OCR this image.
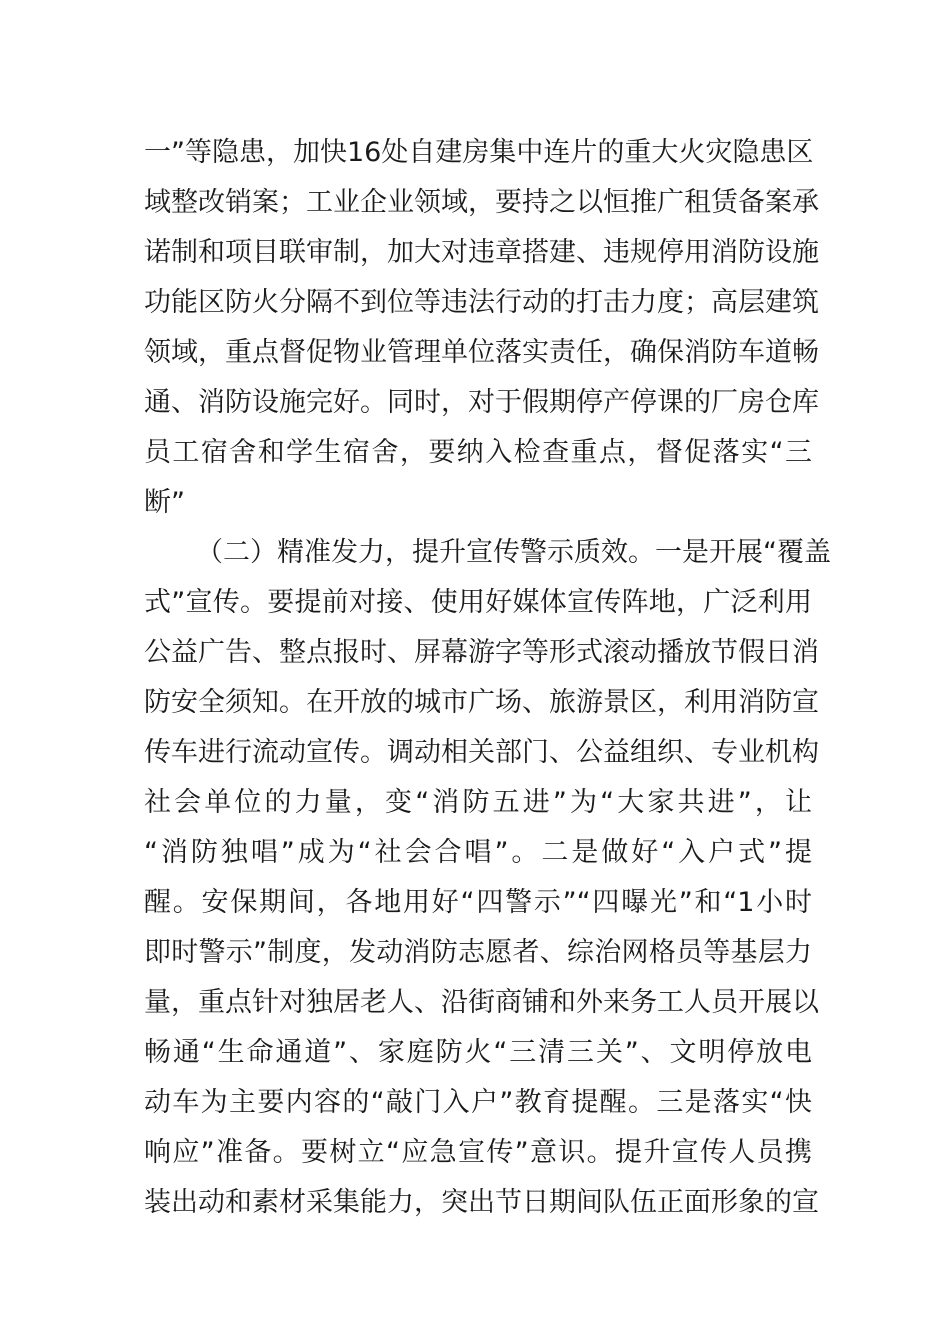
一”等隐患，加快16处自建房集中连片的重大火灾隐患区
域整改销案；工业企业领域，要持之以恒推广租赁备案承
诺制和项目联审制，加大对违章搭建、违规停用消防设施
功能区防火分隔不到位等违法行动的打击力度；高层建筑
领域，重点督促物业管理单位落实责任，确保消防车道畅
通、消防设施完好。同时，对于假期停产停课的厂房仓库
员工宿舍和学生宿舍，要纳入检查重点，督促落实“三
断”
（二）精准发力，提升宣传警示质效。一是开展“覆盖
式”宣传。要提前对接、使用好媒体宣传阵地，广泛利用
公益广告、整点报时、屏幕游字等形式滚动播放节假日消
防安全须知。在开放的城市广场、旅游景区，利用消防宣
传车进行流动宣传。调动相关部门、公益组织、专业机构
社会单位的力量，变“消防五进”为“大家共进”，让
“消防独唱”成为“社会合唱”。二是做好“入户式”提
醒。安保期间，各地用好“四警示”“四曝光”和“1小时
即时警示”制度，发动消防志愿者、综治网格员等基层力
量，重点针对独居老人、沿街商铺和外来务工人员开展以
畅通“生命通道”、家庭防火“三清三关”、文明停放电
动车为主要内容的“敲门入户”教育提醒。三是落实“快
响应”准备。要树立“应急宣传”意识。提升宣传人员携
装出动和素材采集能力，突出节日期间队伍正面形象的宣
